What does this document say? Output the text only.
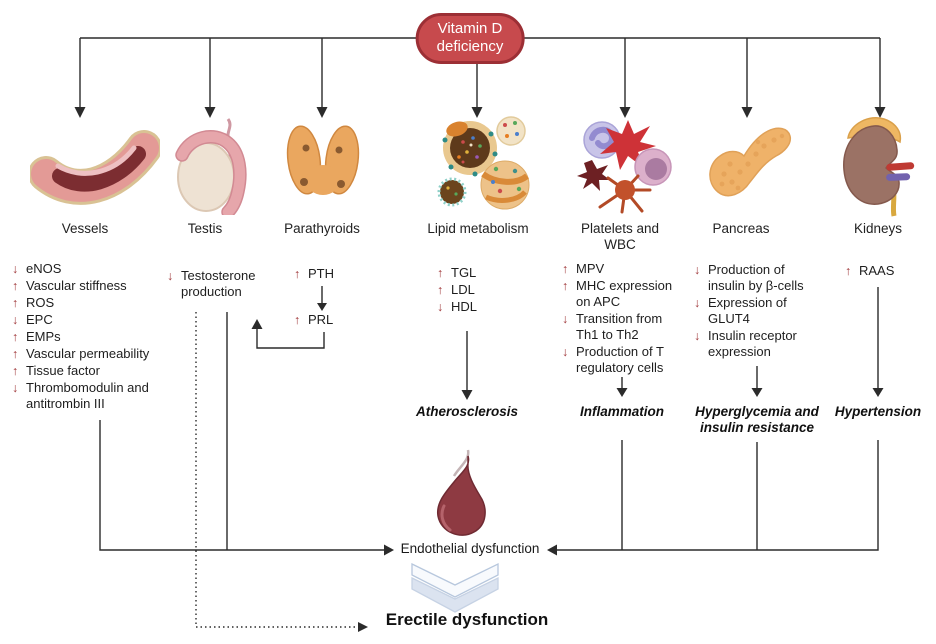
Vitamin D
deficiency
Vessels	Testis	Parathyroids	Lipid metabolism	Platelets and WBC
Pancreas	Kidneys
↓ eNOS
↑ Vascular stiffness
↑ ROS
↓ EPC
↑ EMPs
↑ Vascular permeability
↑ Tissue factor
↓ Thrombomodulin and antitrombin III
↓ Testosterone production
↑ PTH
↑ PRL
↑ TGL
↑ LDL
↓ HDL
↑ MPV
↑ MHC expression on APC
↓ Transition from Th1 to Th2
↓ Production of T regulatory cells
↓ Production of insulin by β-cells
↓ Expression of GLUT4
↓ Insulin receptor expression
↑ RAAS
Atherosclerosis	Inflammation	Hyperglycemia and insulin resistance
Hypertension
Endothelial dysfunction
Erectile dysfunction
